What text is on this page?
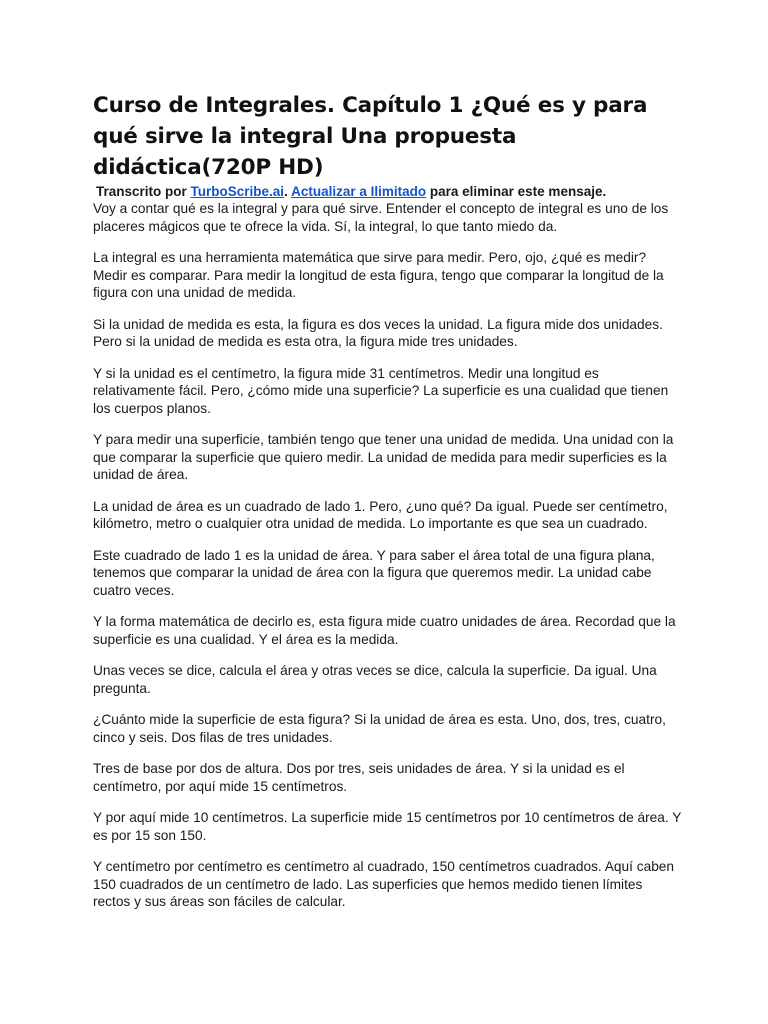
Curso de Integrales. Capítulo 1 ¿Qué es y para qué sirve la integral Una propuesta didáctica(720P HD)

Transcrito por TurboScribe.ai. Actualizar a Ilimitado para eliminar este mensaje.

Voy a contar qué es la integral y para qué sirve. Entender el concepto de integral es uno de los placeres mágicos que te ofrece la vida. Sí, la integral, lo que tanto miedo da.

La integral es una herramienta matemática que sirve para medir. Pero, ojo, ¿qué es medir? Medir es comparar. Para medir la longitud de esta figura, tengo que comparar la longitud de la figura con una unidad de medida.

Si la unidad de medida es esta, la figura es dos veces la unidad. La figura mide dos unidades. Pero si la unidad de medida es esta otra, la figura mide tres unidades.

Y si la unidad es el centímetro, la figura mide 31 centímetros. Medir una longitud es relativamente fácil. Pero, ¿cómo mide una superficie? La superficie es una cualidad que tienen los cuerpos planos.

Y para medir una superficie, también tengo que tener una unidad de medida. Una unidad con la que comparar la superficie que quiero medir. La unidad de medida para medir superficies es la unidad de área.

La unidad de área es un cuadrado de lado 1. Pero, ¿uno qué? Da igual. Puede ser centímetro, kilómetro, metro o cualquier otra unidad de medida. Lo importante es que sea un cuadrado.

Este cuadrado de lado 1 es la unidad de área. Y para saber el área total de una figura plana, tenemos que comparar la unidad de área con la figura que queremos medir. La unidad cabe cuatro veces.

Y la forma matemática de decirlo es, esta figura mide cuatro unidades de área. Recordad que la superficie es una cualidad. Y el área es la medida.

Unas veces se dice, calcula el área y otras veces se dice, calcula la superficie. Da igual. Una pregunta.

¿Cuánto mide la superficie de esta figura? Si la unidad de área es esta. Uno, dos, tres, cuatro, cinco y seis. Dos filas de tres unidades.

Tres de base por dos de altura. Dos por tres, seis unidades de área. Y si la unidad es el centímetro, por aquí mide 15 centímetros.

Y por aquí mide 10 centímetros. La superficie mide 15 centímetros por 10 centímetros de área. Y es por 15 son 150.

Y centímetro por centímetro es centímetro al cuadrado, 150 centímetros cuadrados. Aquí caben 150 cuadrados de un centímetro de lado. Las superficies que hemos medido tienen límites rectos y sus áreas son fáciles de calcular.
